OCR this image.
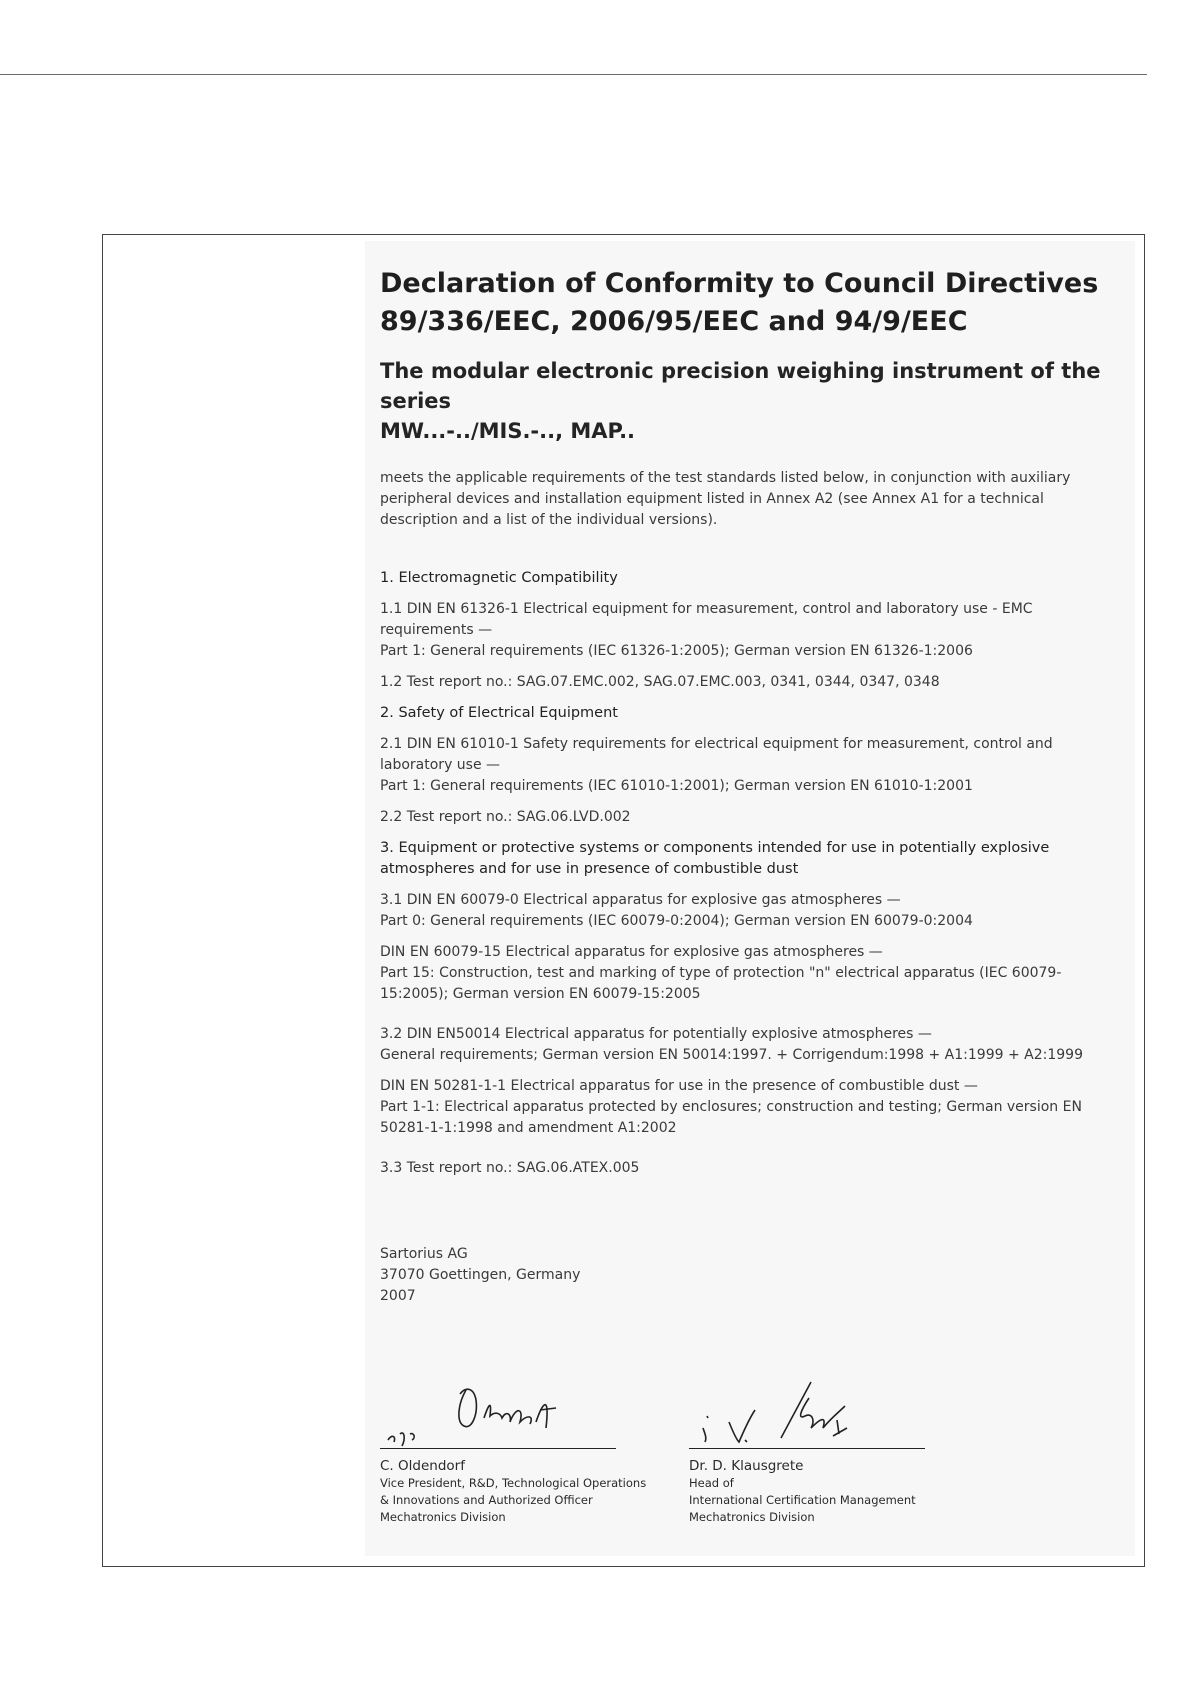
Declaration of Conformity to Council Directives
89/336/EEC, 2006/95/EEC and 94/9/EEC
The modular electronic precision weighing instrument of the series
MW...-../MIS.-.., MAP..

meets the applicable requirements of the test standards listed below, in conjunction with auxiliary peripheral devices and installation equipment listed in Annex A2 (see Annex A1 for a technical description and a list of the individual versions).

1. Electromagnetic Compatibility

1.1 DIN EN 61326-1 Electrical equipment for measurement, control and laboratory use - EMC requirements —
Part 1: General requirements (IEC 61326-1:2005); German version EN 61326-1:2006

1.2 Test report no.: SAG.07.EMC.002, SAG.07.EMC.003, 0341, 0344, 0347, 0348

2. Safety of Electrical Equipment

2.1 DIN EN 61010-1 Safety requirements for electrical equipment for measurement, control and laboratory use —
Part 1: General requirements (IEC 61010-1:2001); German version EN 61010-1:2001

2.2 Test report no.: SAG.06.LVD.002

3. Equipment or protective systems or components intended for use in potentially explosive atmospheres and for use in presence of combustible dust

3.1 DIN EN 60079-0 Electrical apparatus for explosive gas atmospheres —
Part 0: General requirements (IEC 60079-0:2004); German version EN 60079-0:2004

DIN EN 60079-15 Electrical apparatus for explosive gas atmospheres —
Part 15: Construction, test and marking of type of protection "n" electrical apparatus (IEC 60079-15:2005); German version EN 60079-15:2005

3.2 DIN EN50014 Electrical apparatus for potentially explosive atmospheres —
General requirements; German version EN 50014:1997. + Corrigendum:1998 + A1:1999 + A2:1999

DIN EN 50281-1-1 Electrical apparatus for use in the presence of combustible dust —
Part 1-1: Electrical apparatus protected by enclosures; construction and testing; German version EN 50281-1-1:1998 and amendment A1:2002

3.3 Test report no.: SAG.06.ATEX.005

Sartorius AG

37070 Goettingen, Germany

2007

C. Oldendorf

Vice President, R&D, Technological Operations

& Innovations and Authorized Officer

Mechatronics Division

Dr. D. Klausgrete

Head of

International Certification Management

Mechatronics Division
